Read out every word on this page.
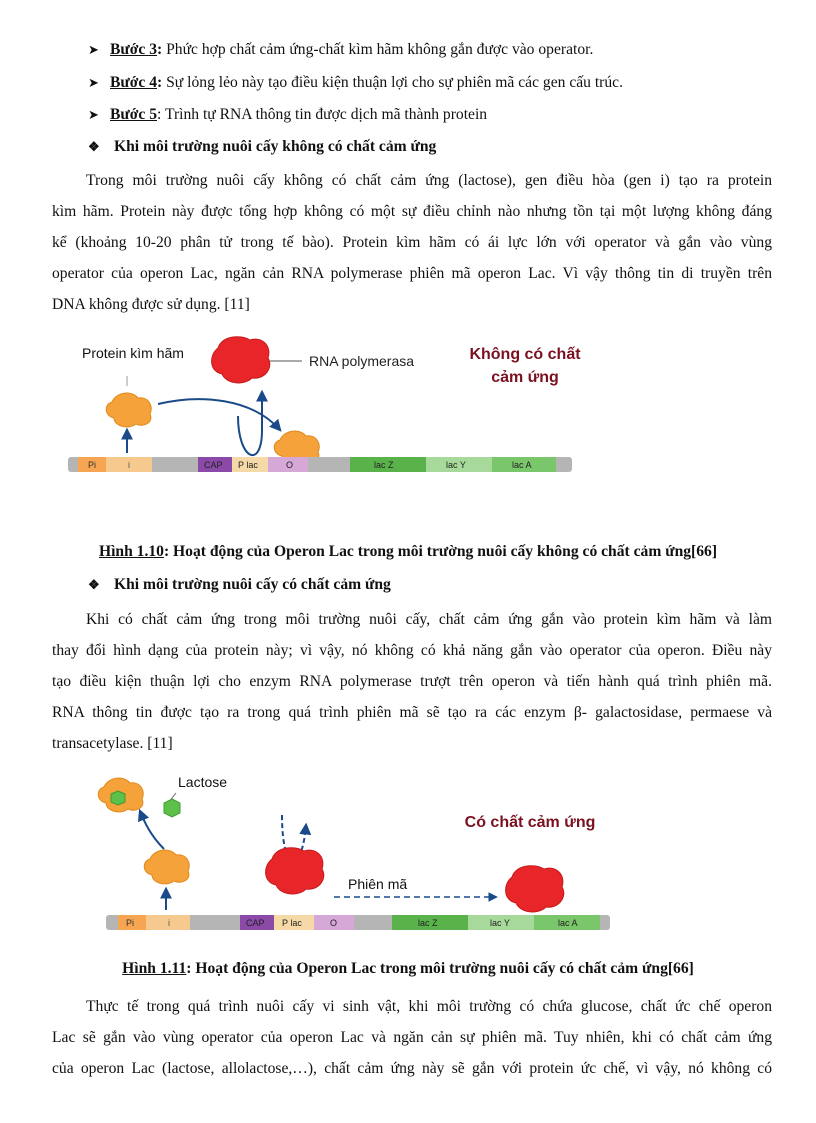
➤ Bước 3: Phức hợp chất cảm ứng-chất kìm hãm không gắn được vào operator.
➤ Bước 4: Sự lỏng lẻo này tạo điều kiện thuận lợi cho sự phiên mã các gen cấu trúc.
➤ Bước 5: Trình tự RNA thông tin được dịch mã thành protein
❖ Khi môi trường nuôi cấy không có chất cảm ứng
Trong môi trường nuôi cấy không có chất cảm ứng (lactose), gen điều hòa (gen i) tạo ra protein
kìm hãm. Protein này được tổng hợp không có một sự điều chỉnh nào nhưng tồn tại một lượng không đáng
kể (khoảng 10-20 phân tử trong tế bào). Protein kìm hãm có ái lực lớn với operator và gắn vào vùng
operator của operon Lac, ngăn cản RNA polymerase phiên mã operon Lac. Vì vậy thông tin di truyền trên
DNA không được sử dụng. [11]
Protein kìm hãm	RNA polymerasa	Không có chất
cảm ứng
Pi	i	CAP P lac	O	lac Z	lac Y	lac A
Hình 1.10: Hoạt động của Operon Lac trong môi trường nuôi cấy không có chất cảm ứng[66]
❖ Khi môi trường nuôi cấy có chất cảm ứng
Khi có chất cảm ứng trong môi trường nuôi cấy, chất cảm ứng gắn vào protein kìm hãm và làm
thay đổi hình dạng của protein này; vì vậy, nó không có khả năng gắn vào operator của operon. Điều này
tạo điều kiện thuận lợi cho enzym RNA polymerase trượt trên operon và tiến hành quá trình phiên mã.
RNA thông tin được tạo ra trong quá trình phiên mã sẽ tạo ra các enzym β- galactosidase, permaese và
transacetylase. [11]
Lactose
Phiên mã
Có chất cảm ứng
Pi	i	CAP P lac	O	lac Z	lac Y	lac A
Hình 1.11: Hoạt động của Operon Lac trong môi trường nuôi cấy có chất cảm ứng[66]
Thực tế trong quá trình nuôi cấy vi sinh vật, khi môi trường có chứa glucose, chất ức chế operon
Lac sẽ gắn vào vùng operator của operon Lac và ngăn cản sự phiên mã. Tuy nhiên, khi có chất cảm ứng
của operon Lac (lactose, allolactose,…), chất cảm ứng này sẽ gắn với protein ức chế, vì vậy, nó không có
